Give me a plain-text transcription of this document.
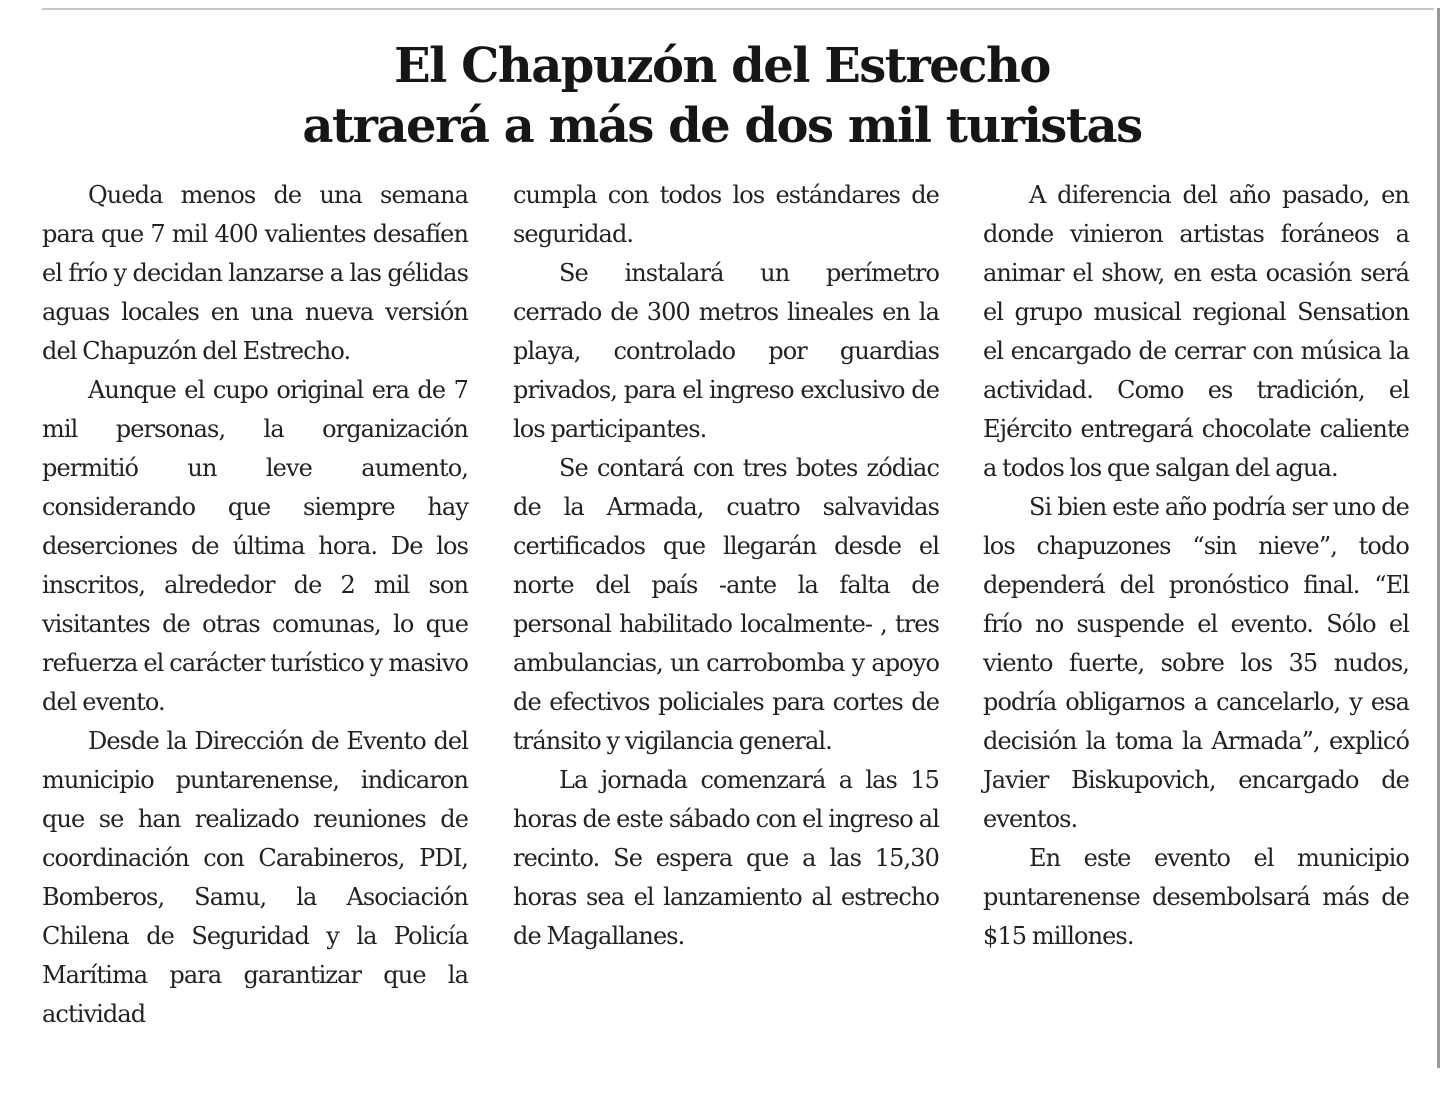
El Chapuzón del Estrecho
atraerá a más de dos mil turistas

Queda menos de una semana para que 7 mil 400 valientes desafíen el frío y decidan lanzarse a las gélidas aguas locales en una nueva versión del Chapuzón del Estrecho.

Aunque el cupo original era de 7 mil personas, la organización permitió un leve aumento, considerando que siempre hay deserciones de última hora. De los inscritos, alrededor de 2 mil son visitantes de otras comunas, lo que refuerza el carácter turístico y masivo del evento.

Desde la Dirección de Evento del municipio puntarenense, indicaron que se han realizado reuniones de coordinación con Carabineros, PDI, Bomberos, Samu, la Asociación Chilena de Seguridad y la Policía Marítima para garantizar que la actividad

cumpla con todos los estándares de seguridad.

Se instalará un perímetro cerrado de 300 metros lineales en la playa, controlado por guardias privados, para el ingreso exclusivo de los participantes.

Se contará con tres botes zódiac de la Armada, cuatro salvavidas certificados que llegarán desde el norte del país -ante la falta de personal habilitado localmente- , tres ambulancias, un carrobomba y apoyo de efectivos policiales para cortes de tránsito y vigilancia general.

La jornada comenzará a las 15 horas de este sábado con el ingreso al recinto. Se espera que a las 15,30 horas sea el lanzamiento al estrecho de Magallanes.

A diferencia del año pasado, en donde vinieron artistas foráneos a animar el show, en esta ocasión será el grupo musical regional Sensation el encargado de cerrar con música la actividad. Como es tradición, el Ejército entregará chocolate caliente a todos los que salgan del agua.

Si bien este año podría ser uno de los chapuzones “sin nieve”, todo dependerá del pronóstico final. “El frío no suspende el evento. Sólo el viento fuerte, sobre los 35 nudos, podría obligarnos a cancelarlo, y esa decisión la toma la Armada”, explicó Javier Biskupovich, encargado de eventos.

En este evento el municipio puntarenense desembolsará más de $15 millones.
